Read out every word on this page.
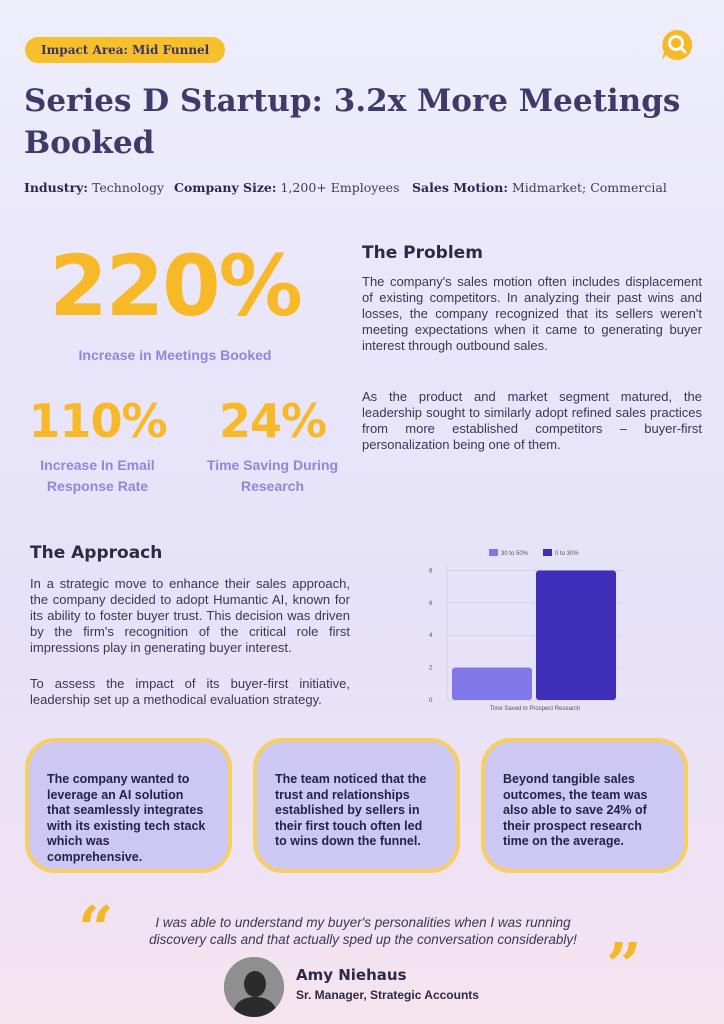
Impact Area: Mid Funnel
Series D Startup: 3.2x More Meetings Booked
Industry: Technology Company Size: 1,200+ Employees Sales Motion: Midmarket; Commercial
220%
Increase in Meetings Booked
110%
Increase In Email
Response Rate
24%
Time Saving During
Research
The Problem

The company's sales motion often includes displacement of existing competitors. In analyzing their past wins and losses, the company recognized that its sellers weren't meeting expectations when it came to generating buyer interest through outbound sales.

As the product and market segment matured, the leadership sought to similarly adopt refined sales practices from more established competitors – buyer-first personalization being one of them.

The Approach

In a strategic move to enhance their sales approach, the company decided to adopt Humantic AI, known for its ability to foster buyer trust. This decision was driven by the firm's recognition of the critical role first impressions play in generating buyer interest.

To assess the impact of its buyer-first initiative, leadership set up a methodical evaluation strategy.	0
2
4
6
8
Time Saved in Prospect Research
30 to 50%	0 to 30%
The company wanted to leverage an AI solution that seamlessly integrates with its existing tech stack which was comprehensive.
The team noticed that the trust and relationships established by sellers in their first touch often led to wins down the funnel.
Beyond tangible sales outcomes, the team was also able to save 24% of their prospect research time on the average.
“	I was able to understand my buyer's personalities when I was running discovery calls and that actually sped up the conversation considerably! ”
Amy Niehaus
Sr. Manager, Strategic Accounts
